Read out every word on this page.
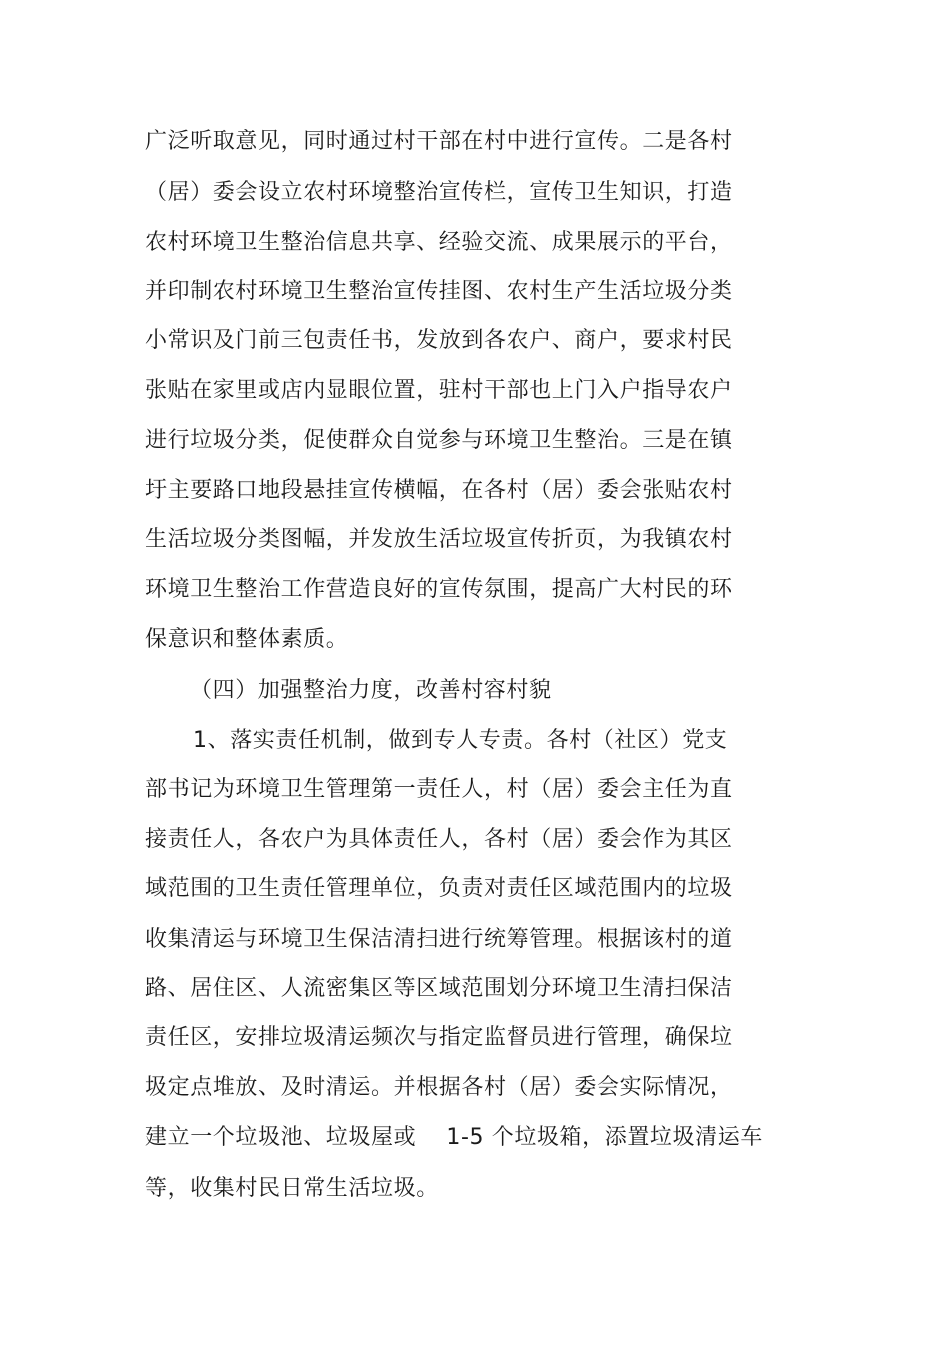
广泛听取意见，同时通过村干部在村中进行宣传。二是各村
（居）委会设立农村环境整治宣传栏，宣传卫生知识，打造
农村环境卫生整治信息共享、经验交流、成果展示的平台，
并印制农村环境卫生整治宣传挂图、农村生产生活垃圾分类
小常识及门前三包责任书，发放到各农户、商户，要求村民
张贴在家里或店内显眼位置，驻村干部也上门入户指导农户
进行垃圾分类，促使群众自觉参与环境卫生整治。三是在镇
圩主要路口地段悬挂宣传横幅，在各村（居）委会张贴农村
生活垃圾分类图幅，并发放生活垃圾宣传折页，为我镇农村
环境卫生整治工作营造良好的宣传氛围，提高广大村民的环
保意识和整体素质。
（四）加强整治力度，改善村容村貌
1、落实责任机制，做到专人专责。各村（社区）党支
部书记为环境卫生管理第一责任人，村（居）委会主任为直
接责任人，各农户为具体责任人，各村（居）委会作为其区
域范围的卫生责任管理单位，负责对责任区域范围内的垃圾
收集清运与环境卫生保洁清扫进行统筹管理。根据该村的道
路、居住区、人流密集区等区域范围划分环境卫生清扫保洁
责任区，安排垃圾清运频次与指定监督员进行管理，确保垃
圾定点堆放、及时清运。并根据各村（居）委会实际情况，
建立一个垃圾池、垃圾屋或　 1-5 个垃圾箱，添置垃圾清运车
等，收集村民日常生活垃圾。
